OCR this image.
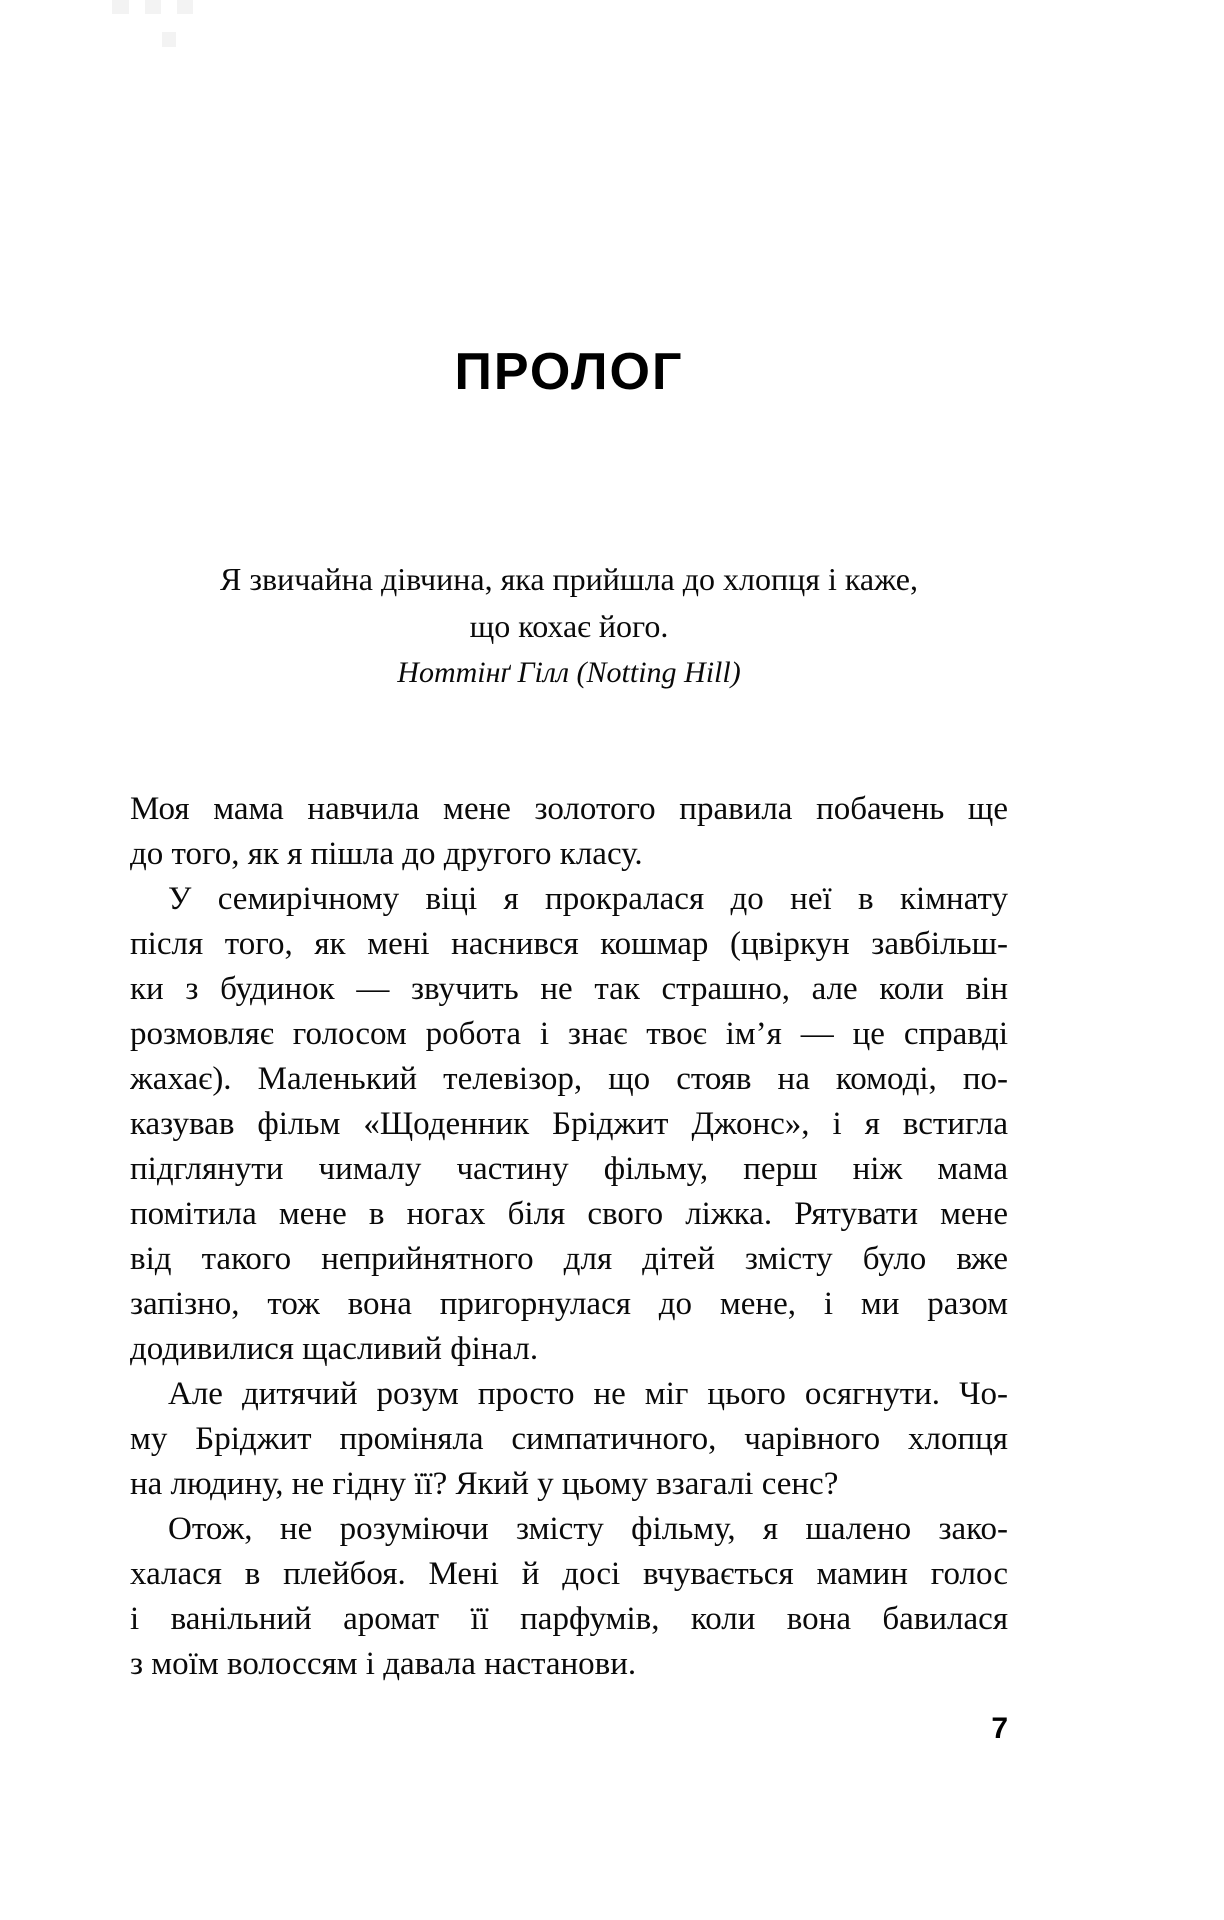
ПРОЛОГ
Я звичайна дівчина, яка прийшла до хлопця і каже,
що кохає його.
Ноттінґ Гілл (Notting Hill)
Моя мама навчила мене золотого правила побачень ще
до того, як я пішла до другого класу.
У семирічному віці я прокралася до неї в кімнату
після того, як мені наснився кошмар (цвіркун завбільш-
ки з будинок — звучить не так страшно, але коли він
розмовляє голосом робота і знає твоє ім’я — це справді
жахає). Маленький телевізор, що стояв на комоді, по-
казував фільм «Щоденник Бріджит Джонс», і я встигла
підглянути чималу частину фільму, перш ніж мама
помітила мене в ногах біля свого ліжка. Рятувати мене
від такого неприйнятного для дітей змісту було вже
запізно, тож вона пригорнулася до мене, і ми разом
додивилися щасливий фінал.
Але дитячий розум просто не міг цього осягнути. Чо-
му Бріджит проміняла симпатичного, чарівного хлопця
на людину, не гідну її? Який у цьому взагалі сенс?
Отож, не розуміючи змісту фільму, я шалено зако-
халася в плейбоя. Мені й досі вчувається мамин голос
і ванільний аромат її парфумів, коли вона бавилася
з моїм волоссям і давала настанови.
7
